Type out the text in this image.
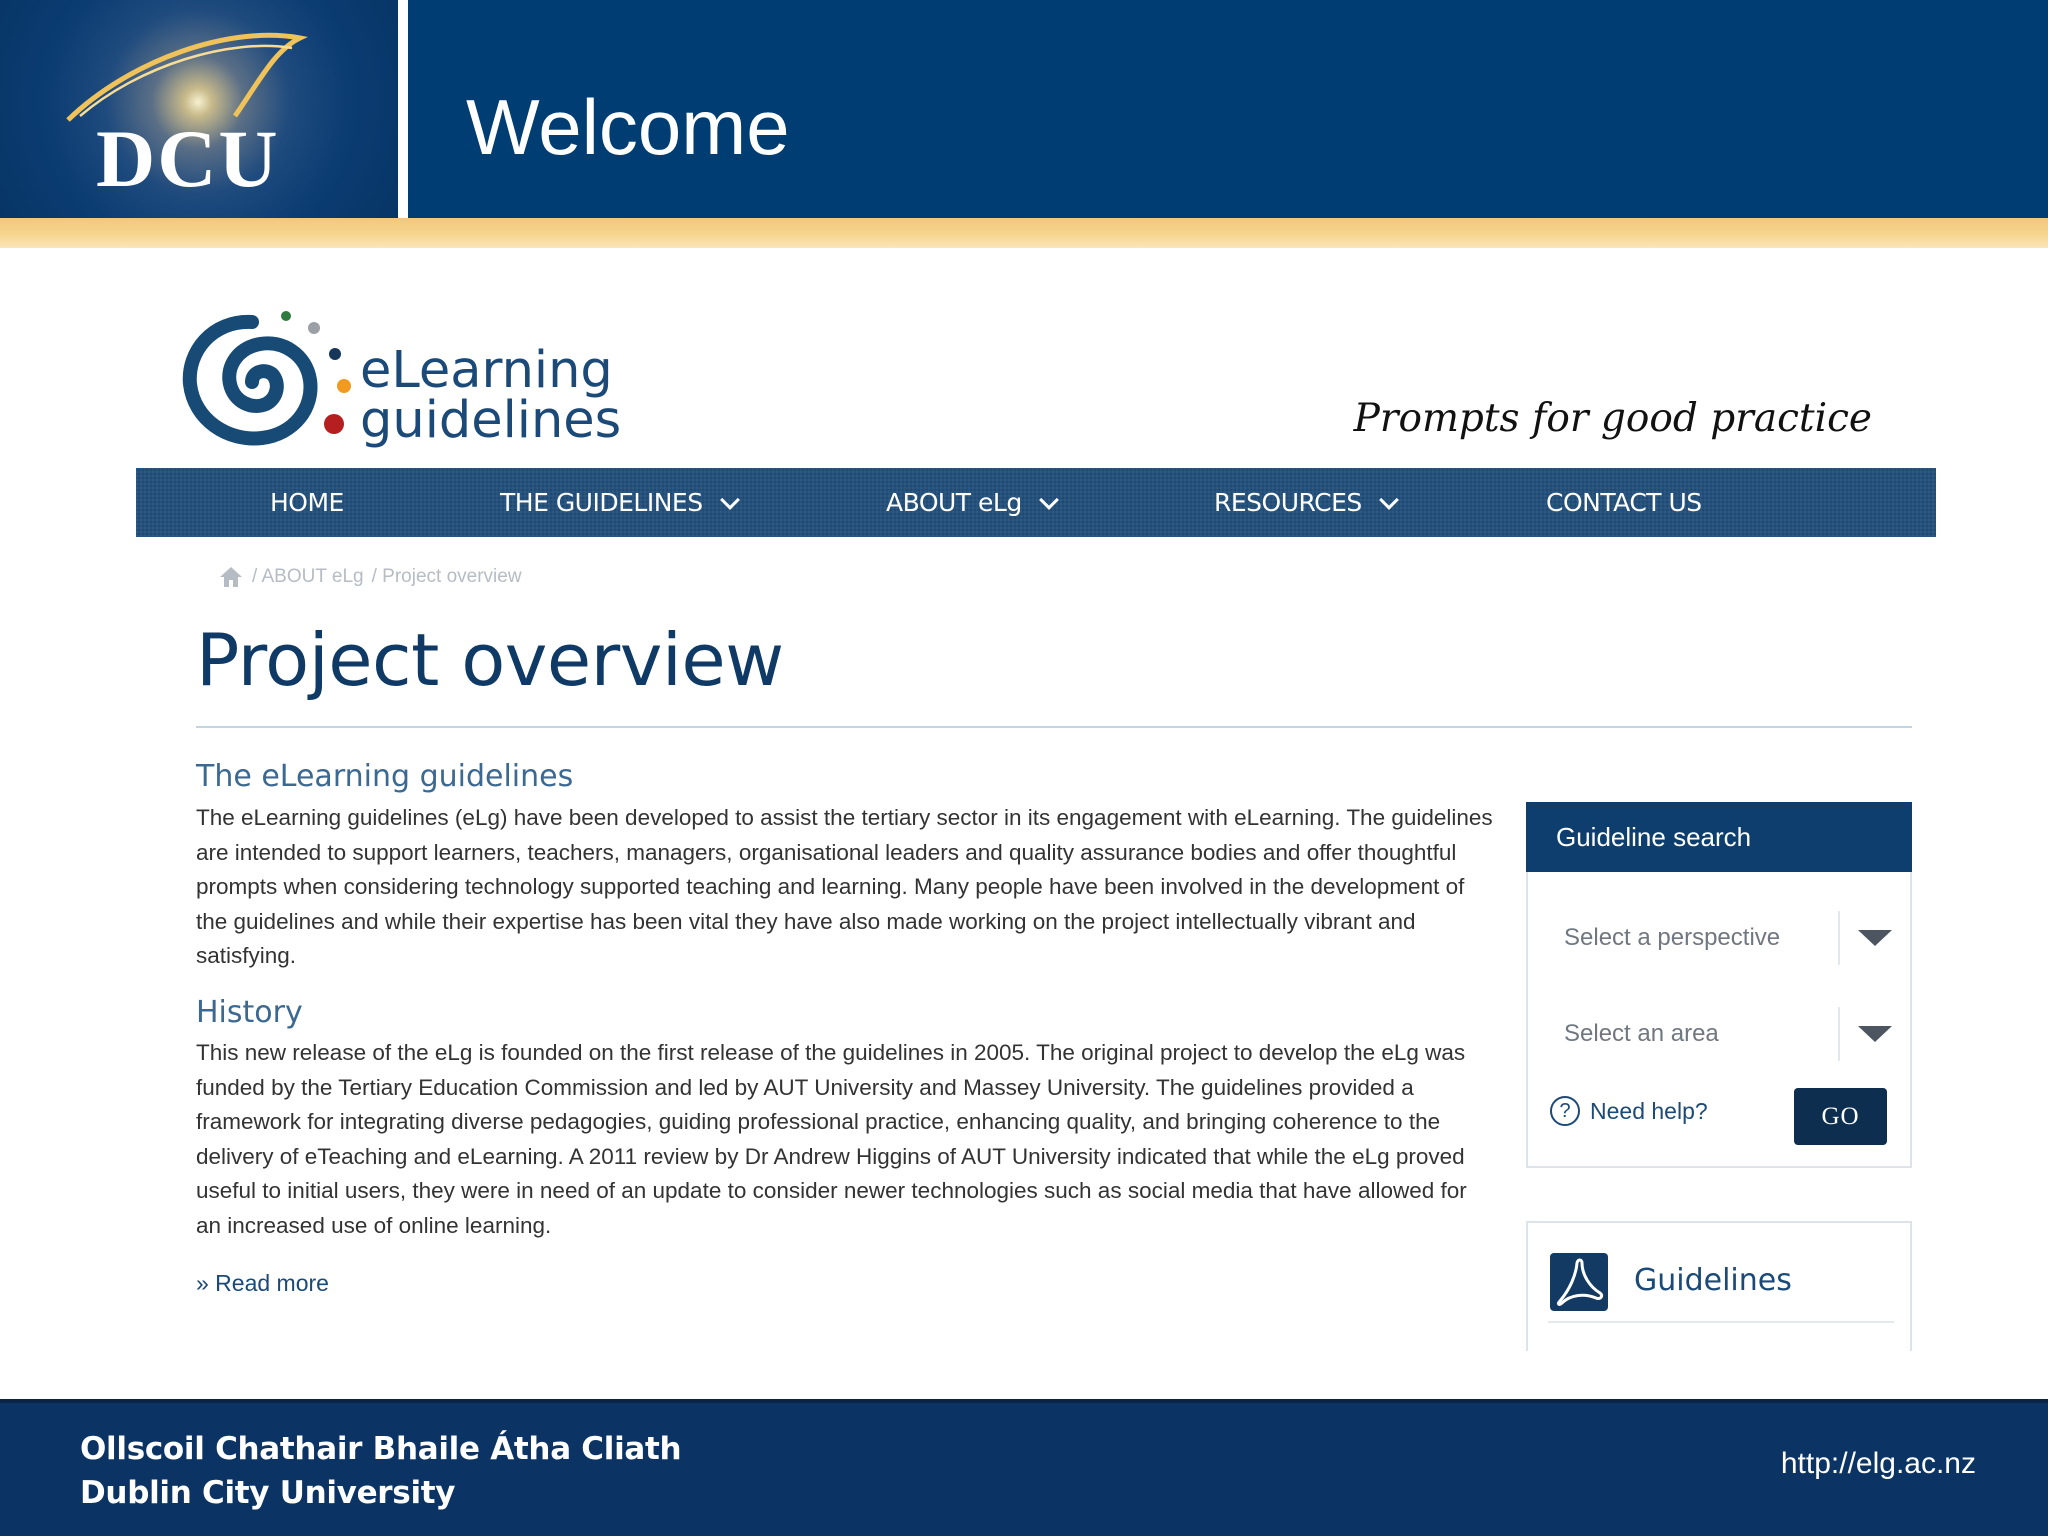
DCU Welcome
eLearning
guidelines	Prompts for good practice
HOME	THE GUIDELINES	ABOUT eLg	RESOURCES	CONTACT US
/ ABOUT eLg / Project overview
Project overview
The eLearning guidelines
The eLearning guidelines (eLg) have been developed to assist the tertiary sector in its engagement with eLearning. The guidelines are intended to support learners, teachers, managers, organisational leaders and quality assurance bodies and offer thoughtful prompts when considering technology supported teaching and learning. Many people have been involved in the development of the guidelines and while their expertise has been vital they have also made working on the project intellectually vibrant and satisfying.
History
This new release of the eLg is founded on the first release of the guidelines in 2005. The original project to develop the eLg was funded by the Tertiary Education Commission and led by AUT University and Massey University. The guidelines provided a framework for integrating diverse pedagogies, guiding professional practice, enhancing quality, and bringing coherence to the delivery of eTeaching and eLearning. A 2011 review by Dr Andrew Higgins of AUT University indicated that while the eLg proved useful to initial users, they were in need of an update to consider newer technologies such as social media that have allowed for an increased use of online learning.
» Read more
Guideline search
Select a perspective
Select an area
? Need help?	GO
Guidelines
Ollscoil Chathair Bhaile Átha Cliath
Dublin City University
http://elg.ac.nz
